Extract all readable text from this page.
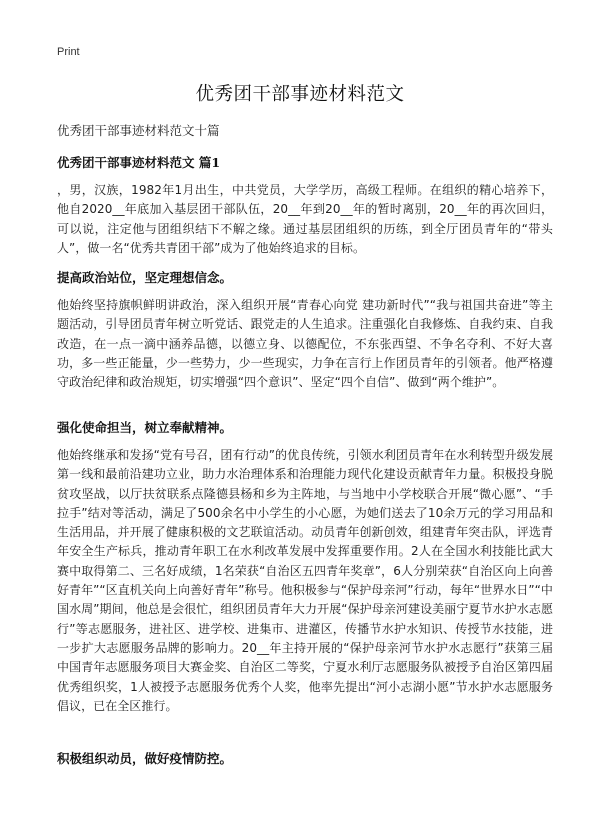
Print
优秀团干部事迹材料范文
优秀团干部事迹材料范文十篇
优秀团干部事迹材料范文 篇1

，男，汉族，1982年1月出生，中共党员，大学学历，高级工程师。在组织的精心培养下，他自2020__年底加入基层团干部队伍，20__年到20__年的暂时离别，20__年的再次回归，可以说，注定他与团组织结下不解之缘。通过基层团组织的历练，到全厅团员青年的“带头人”，做一名“优秀共青团干部”成为了他始终追求的目标。

提高政治站位，坚定理想信念。

他始终坚持旗帜鲜明讲政治，深入组织开展“青春心向党 建功新时代”“我与祖国共奋进”等主题活动，引导团员青年树立听党话、跟党走的人生追求。注重强化自我修炼、自我约束、自我改造，在一点一滴中涵养品德，以德立身、以德配位，不东张西望、不争名夺利、不好大喜功，多一些正能量，少一些势力，少一些现实，力争在言行上作团员青年的引领者。他严格遵守政治纪律和政治规矩，切实增强“四个意识”、坚定“四个自信”、做到“两个维护”。

强化使命担当，树立奉献精神。

他始终继承和发扬“党有号召，团有行动”的优良传统，引领水利团员青年在水利转型升级发展第一线和最前沿建功立业，助力水治理体系和治理能力现代化建设贡献青年力量。积极投身脱贫攻坚战，以厅扶贫联系点隆德县杨和乡为主阵地，与当地中小学校联合开展“微心愿”、“手拉手”结对等活动，满足了500余名中小学生的小心愿，为她们送去了10余万元的学习用品和生活用品，并开展了健康积极的文艺联谊活动。动员青年创新创效，组建青年突击队，评选青年安全生产标兵，推动青年职工在水利改革发展中发挥重要作用。2人在全国水利技能比武大赛中取得第二、三名好成绩，1名荣获“自治区五四青年奖章”，6人分别荣获“自治区向上向善好青年”“区直机关向上向善好青年”称号。他积极参与“保护母亲河”行动，每年“世界水日”“中国水周”期间，他总是会很忙，组织团员青年大力开展“保护母亲河建设美丽宁夏节水护水志愿行”等志愿服务，进社区、进学校、进集市、进灌区，传播节水护水知识、传授节水技能，进一步扩大志愿服务品牌的影响力。20__年主持开展的“保护母亲河节水护水志愿行”获第三届中国青年志愿服务项目大赛金奖、自治区二等奖，宁夏水利厅志愿服务队被授予自治区第四届优秀组织奖，1人被授予志愿服务优秀个人奖，他率先提出“河小志湖小愿”节水护水志愿服务倡议，已在全区推行。

积极组织动员，做好疫情防控。
